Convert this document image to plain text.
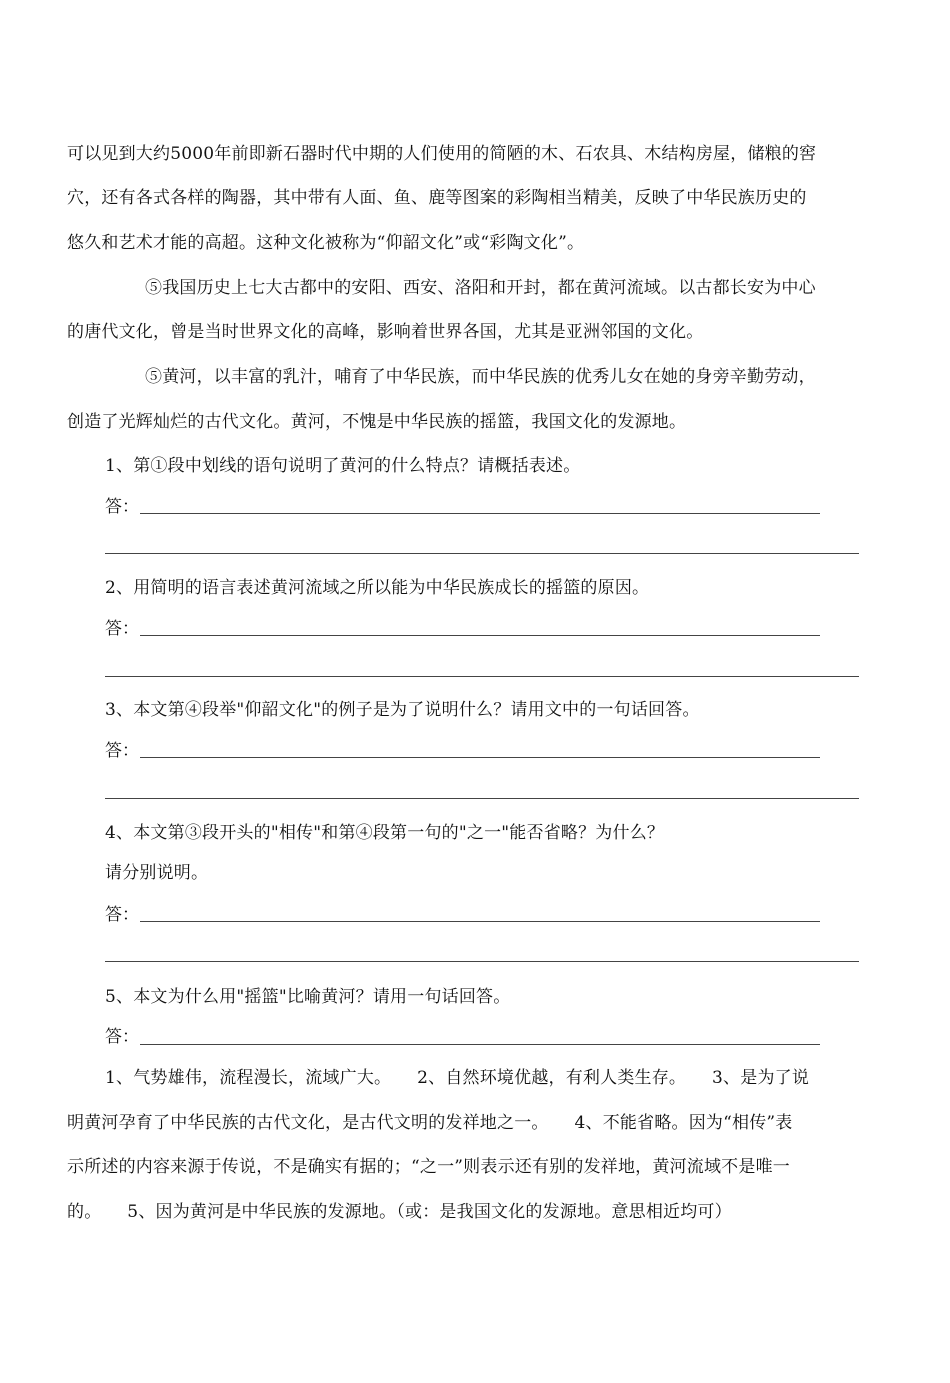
可以见到大约5000年前即新石器时代中期的人们使用的简陋的木、石农具、木结构房屋，储粮的窖
穴，还有各式各样的陶器，其中带有人面、鱼、鹿等图案的彩陶相当精美，反映了中华民族历史的
悠久和艺术才能的高超。这种文化被称为“仰韶文化”或“彩陶文化”。
⑤我国历史上七大古都中的安阳、西安、洛阳和开封，都在黄河流域。以古都长安为中心
的唐代文化，曾是当时世界文化的高峰，影响着世界各国，尤其是亚洲邻国的文化。
⑤黄河，以丰富的乳汁，哺育了中华民族，而中华民族的优秀儿女在她的身旁辛勤劳动，
创造了光辉灿烂的古代文化。黄河，不愧是中华民族的摇篮，我国文化的发源地。
1、第①段中划线的语句说明了黄河的什么特点？请概括表述。
答：
2、用简明的语言表述黄河流域之所以能为中华民族成长的摇篮的原因。
答：
3、本文第④段举"仰韶文化"的例子是为了说明什么？请用文中的一句话回答。
答：
4、本文第③段开头的"相传"和第④段第一句的"之一"能否省略？为什么？
请分别说明。
答：
5、本文为什么用"摇篮"比喻黄河？请用一句话回答。
答：
1、气势雄伟，流程漫长，流域广大。　　2、自然环境优越，有利人类生存。　　3、是为了说
明黄河孕育了中华民族的古代文化，是古代文明的发祥地之一。　　4、不能省略。因为“相传”表
示所述的内容来源于传说，不是确实有据的；“之一”则表示还有别的发祥地，黄河流域不是唯一
的。　　5、因为黄河是中华民族的发源地。（或：是我国文化的发源地。意思相近均可）
